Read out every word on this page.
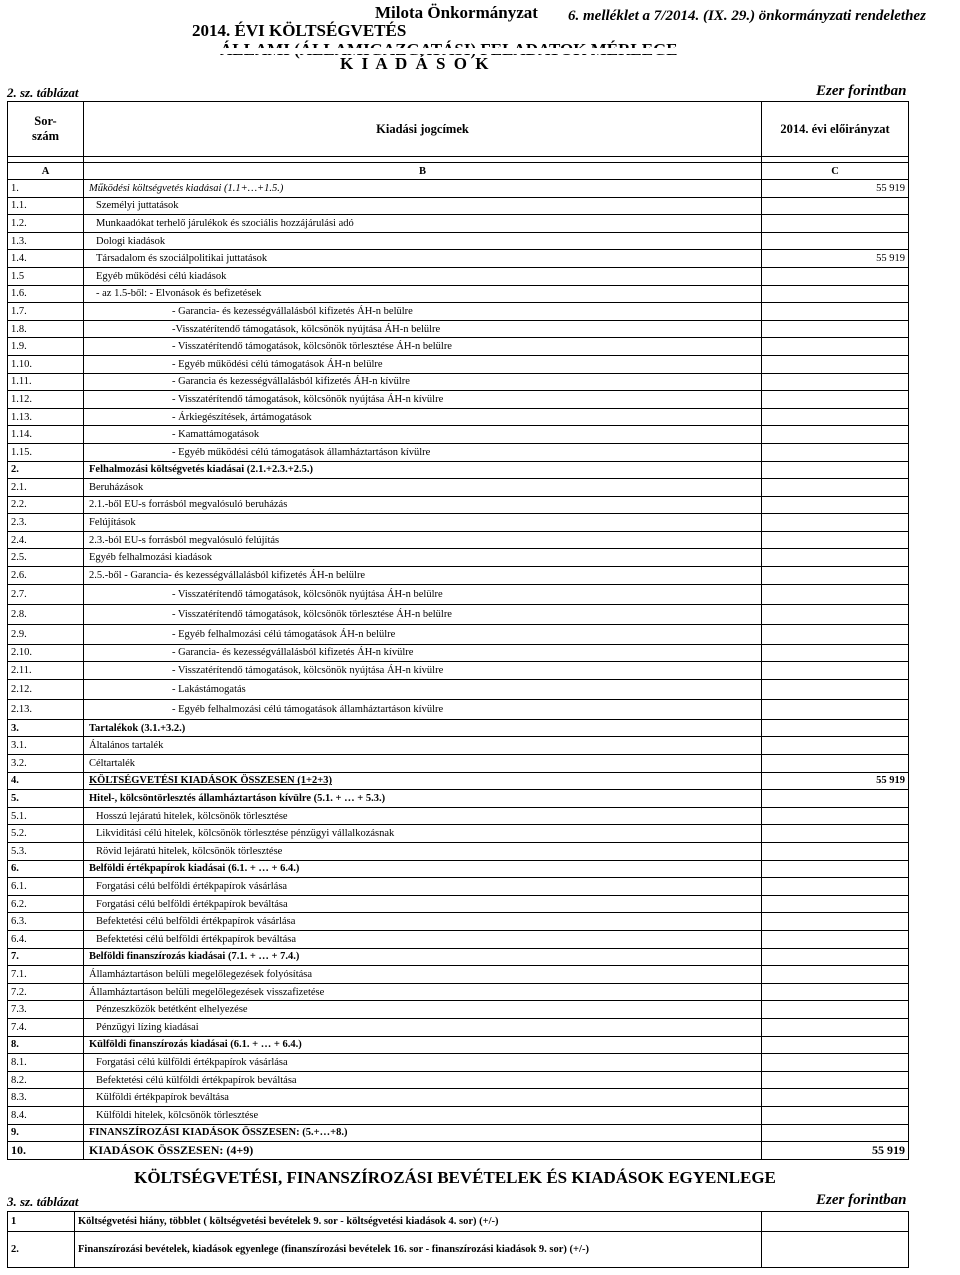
Milota Önkormányzat 6. melléklet a 7/2014. (IX. 29.) önkormányzati rendelethez
2014. ÉVI KÖLTSÉGVETÉS
K I A D Á S O K
2. sz. táblázat	Ezer forintban
Sor-
szám	Kiadási jogcímek	2014. évi előirányzat

A	B	C
1.	Működési költségvetés kiadásai (1.1+…+1.5.)	55 919
1.1.	Személyi juttatások	
1.2.	Munkaadókat terhelő járulékok és szociális hozzájárulási adó	
1.3.	Dologi kiadások	
1.4.	Társadalom és szociálpolitikai juttatások	55 919
1.5	Egyéb működési célú kiadások	
1.6.	- az 1.5-ből: - Elvonások és befizetések	
1.7.	- Garancia- és kezességvállalásból kifizetés ÁH-n belülre	
1.8.	-Visszatérítendő támogatások, kölcsönök nyújtása ÁH-n belülre	
1.9.	- Visszatérítendő támogatások, kölcsönök törlesztése ÁH-n belülre	
1.10.	- Egyéb működési célú támogatások ÁH-n belülre	
1.11.	- Garancia és kezességvállalásból kifizetés ÁH-n kívülre	
1.12.	- Visszatérítendő támogatások, kölcsönök nyújtása ÁH-n kívülre	
1.13.	- Árkiegészítések, ártámogatások	
1.14.	- Kamattámogatások	
1.15.	- Egyéb működési célú támogatások államháztartáson kívülre	
2.	Felhalmozási költségvetés kiadásai (2.1.+2.3.+2.5.)	
2.1.	Beruházások	
2.2.	2.1.-ből EU-s forrásból megvalósuló beruházás	
2.3.	Felújítások	
2.4.	2.3.-ból EU-s forrásból megvalósuló felújítás	
2.5.	Egyéb felhalmozási kiadások	
2.6.	2.5.-ből - Garancia- és kezességvállalásból kifizetés ÁH-n belülre	
2.7.	- Visszatérítendő támogatások, kölcsönök nyújtása ÁH-n belülre	
2.8.	- Visszatérítendő támogatások, kölcsönök törlesztése ÁH-n belülre	
2.9.	- Egyéb felhalmozási célú támogatások ÁH-n belülre	
2.10.	- Garancia- és kezességvállalásból kifizetés ÁH-n kívülre	
2.11.	- Visszatérítendő támogatások, kölcsönök nyújtása ÁH-n kívülre	
2.12.	- Lakástámogatás	
2.13.	- Egyéb felhalmozási célú támogatások államháztartáson kívülre	
3.	Tartalékok (3.1.+3.2.)	
3.1.	Általános tartalék	
3.2.	Céltartalék	
4.	KÖLTSÉGVETÉSI KIADÁSOK ÖSSZESEN (1+2+3)	55 919
5.	Hitel-, kölcsöntörlesztés államháztartáson kívülre (5.1. + … + 5.3.)	
5.1.	Hosszú lejáratú hitelek, kölcsönök törlesztése	
5.2.	Likviditási célú hitelek, kölcsönök törlesztése pénzügyi vállalkozásnak	
5.3.	Rövid lejáratú hitelek, kölcsönök törlesztése	
6.	Belföldi értékpapírok kiadásai (6.1. + … + 6.4.)	
6.1.	Forgatási célú belföldi értékpapírok vásárlása	
6.2.	Forgatási célú belföldi értékpapírok beváltása	
6.3.	Befektetési célú belföldi értékpapírok vásárlása	
6.4.	Befektetési célú belföldi értékpapírok beváltása	
7.	Belföldi finanszírozás kiadásai (7.1. + … + 7.4.)	
7.1.	Államháztartáson belüli megelőlegezések folyósítása	
7.2.	Államháztartáson belüli megelőlegezések visszafizetése	
7.3.	Pénzeszközök betétként elhelyezése	
7.4.	Pénzügyi lízing kiadásai	
8.	Külföldi finanszírozás kiadásai (6.1. + … + 6.4.)	
8.1.	Forgatási célú külföldi értékpapírok vásárlása	
8.2.	Befektetési célú külföldi értékpapírok beváltása	
8.3.	Külföldi értékpapírok beváltása	
8.4.	Külföldi hitelek, kölcsönök törlesztése	
9.	FINANSZÍROZÁSI KIADÁSOK ÖSSZESEN: (5.+…+8.)	
10.	KIADÁSOK ÖSSZESEN: (4+9)	55 919
KÖLTSÉGVETÉSI, FINANSZÍROZÁSI BEVÉTELEK ÉS KIADÁSOK EGYENLEGE
3. sz. táblázat	Ezer forintban
1	Költségvetési hiány, többlet ( költségvetési bevételek 9. sor - költségvetési kiadások 4. sor) (+/-)	
2.	Finanszírozási bevételek, kiadások egyenlege (finanszírozási bevételek 16. sor - finanszírozási kiadások 9. sor) (+/-)	
